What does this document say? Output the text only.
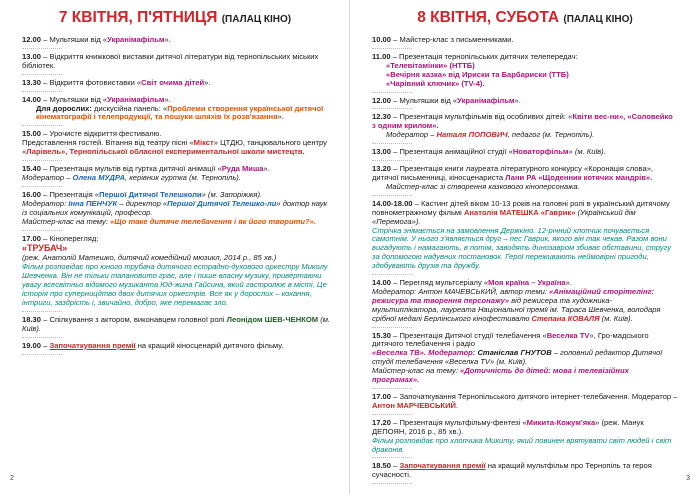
7 КВІТНЯ, П'ЯТНИЦЯ (ПАЛАЦ КІНО)
12.00 – Мультяшки від «Укранімафільм».
13.00 – Відкриття книжкової виставки дитячої літератури від тернопільських міських бібліотек.
13.30 – Відкриття фотовиставки «Світ очима дітей».
14.00 – Мультяшки від «Укранімафільм».
Для дорослих: дискусійна панель: «Проблеми створення української дитячої кінематографії і телепродукції, та пошуки шляхів їх розв'язання».
15.00 – Урочисте відкриття фестивалю.
Представлення гостей. Вітання від театру пісні «Мікст» ЦТДЮ, танцювального центру «Ларівель», Тернопільської обласної експериментальної школи мистецтв.
15.40 – Презентація мультів від гуртка дитячої анімації «Руда Миша».
Модератор – Олена МУДРА, керівник гуртка (м. Тернопіль).
16.00 – Презентація «Першої Дитячої Телешколи» (м. Запоріжжя).
Модератор: Інна ПЕНЧУК – директор «Першої Дитячої Телешко-ли» доктор наук із соціальних комунікацій, професор.
Майстер-клас на тему: «Що таке дитяче телебачення і як його творити?».
17.00 – Кіноперегляд:
«ТРУБАЧ»
(реж. Анатолій Матешко, дитячий комедійний мюзикл, 2014 р., 85 хв.)
Фільм розповідає про юного трубача дитячого естрадно-духового оркестру Миколу Шевченка. Він не тільки талановито грає, але і пише власну музику, привертаючи увагу всесвітньо відомого музиканта Юд-жина Гайсина, який гастролює в місті. Це історія про суперницдтво двох дитячих оркестрів. Все як у дорослих – кохання, інтриги, заздрість і, звичайно, добро, яке перемагає зло.
18.30 – Спілкування з актором, виконавцем головної ролі Леонідом ШЕВ-ЧЕНКОМ (м. Київ).
19.00 – Започаткування премії на кращий кіносценарій дитячого фільму.
2
8 КВІТНЯ, СУБОТА (ПАЛАЦ КІНО)
10.00 – Майстер-клас з письменниками.
11.00 – Презентація тернопільських дитячих телепередач:
«Телевітамінки» (НТТБ)
«Вечірня казка» від Ириски та Барбариски (ТТБ)
«Чарівний ключик» (TV-4).
12.00 – Мультяшки від «Укранімафільм».
12.30 – Презентація мультфільмів від особливих дітей: «Квіти вес-ни», «Соловейко з одним крилом».
Модератор – Наталя ПОПОВИЧ, педагог (м. Тернопіль).
13.00 – Презентація анімаційної студії «Новаторфільм» (м. Київ).
13.20 – Презентація книги лауреата літературного конкурсу «Коронація слова», дитячої письменниці, кіносценариста Лани РА «Щоденник котячих мандрів».
Майстер-клас зі створення казкового кіноперсонажа.
14.00-18.00 – Кастинг дітей віком 10-13 років на головні ролі в український дитячому повнометражному фільмі Анатолія МАТЕШКА «Гаврик» (Український дім «Перемога»).
Стрічка знімається на замовлення Держкіно. 12-річний хлопчик почувається самотнім. У нього з'являється друг – пес Гаврик, якого він так чекав. Разом вони вигадують і намагають, в потім, заводять динозавром збиває обставини, стругу за допомогою надувних постановок. Герої переживають неймовірні пригоди, здобувають друзів та дружбу.
14.00 – Перегляд мультсеріалу «Моя країна – Україна».
Модератор: Антон МАЧЕВСЬКИЙ, автор теми: «Анімаційний сторітелінг: режисура та творення персонажу» від режисера та художника-мультиплікатора, лауреата Національної премії ім. Тараса Шевченка, володаря срібної медалі Берлінського кінофестивалю Степана КОВАЛЯ (м. Київ).
15.30 – Презентація Дитячої студії телебачення «Веселка TV», Гро-мадського дитячого телебачення і радіо
«Веселка ТВ». Модератор: Станіслав ГНУТОВ – головний редактор Дитячої студії телебачення «Веселка TV» (м. Київ).
Майстер-клас на тему: «Дотичність до дітей: мова і телевізійних програмах».
17.00 – Започаткування Тернопільського дитячого інтернет-телебачення. Модератор – Антон МАРЧЕВСЬКИЙ.
17.20 – Презентація мультфільму-фентезі «Микита-Кожум'яка» (реж. Манук ДЕПОЯН, 2016 р., 85 хв.).
Фільм розповідає про хлопчика Микиту, який повинен врятувати світ людей і світ драконів.
18.50 – Започаткування премії на кращий мультфільм про Тернопіль та героя сучасності.	3
